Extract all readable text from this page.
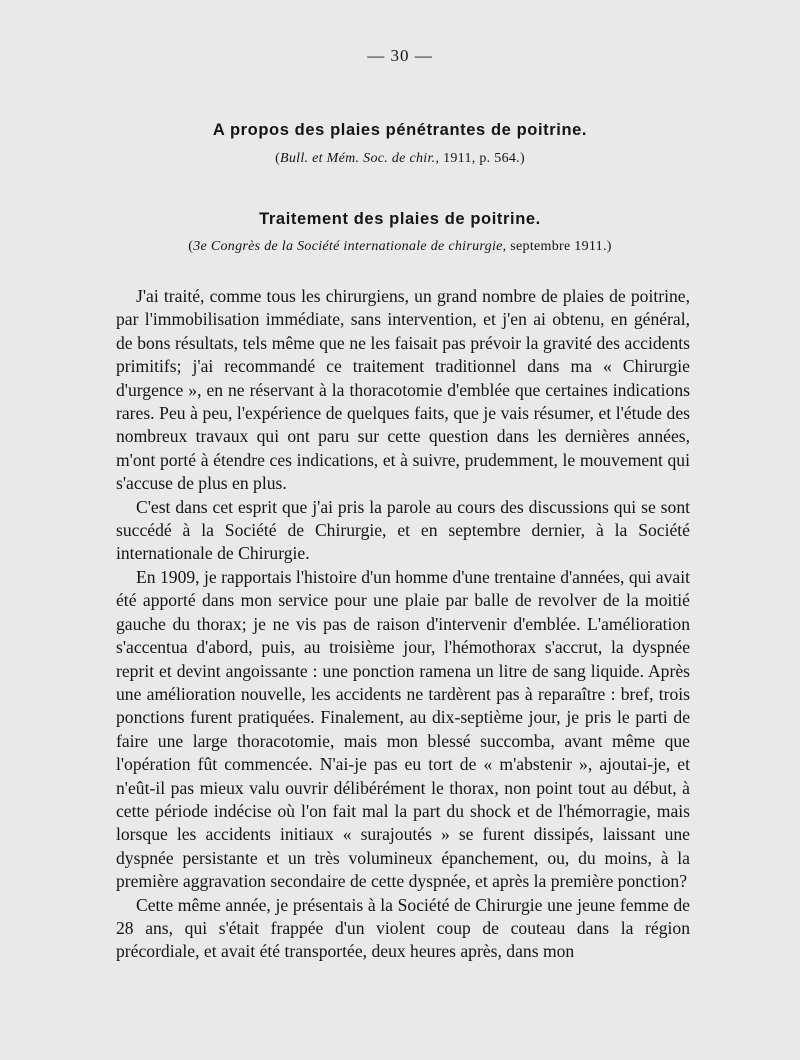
— 30 —
A propos des plaies pénétrantes de poitrine.
(Bull. et Mém. Soc. de chir., 1911, p. 564.)
Traitement des plaies de poitrine.
(3e Congrès de la Société internationale de chirurgie, septembre 1911.)

J'ai traité, comme tous les chirurgiens, un grand nombre de plaies de poitrine, par l'immobilisation immédiate, sans intervention, et j'en ai obtenu, en général, de bons résultats, tels même que ne les faisait pas prévoir la gravité des accidents primitifs; j'ai recommandé ce traitement traditionnel dans ma « Chirurgie d'urgence », en ne réservant à la thoracotomie d'emblée que certaines indications rares. Peu à peu, l'expérience de quelques faits, que je vais résumer, et l'étude des nombreux travaux qui ont paru sur cette question dans les dernières années, m'ont porté à étendre ces indications, et à suivre, prudemment, le mouvement qui s'accuse de plus en plus.

C'est dans cet esprit que j'ai pris la parole au cours des discussions qui se sont succédé à la Société de Chirurgie, et en septembre dernier, à la Société internationale de Chirurgie.

En 1909, je rapportais l'histoire d'un homme d'une trentaine d'années, qui avait été apporté dans mon service pour une plaie par balle de revolver de la moitié gauche du thorax; je ne vis pas de raison d'intervenir d'emblée. L'amélioration s'accentua d'abord, puis, au troisième jour, l'hémothorax s'accrut, la dyspnée reprit et devint angoissante : une ponction ramena un litre de sang liquide. Après une amélioration nouvelle, les accidents ne tardèrent pas à reparaître : bref, trois ponctions furent pratiquées. Finalement, au dix-septième jour, je pris le parti de faire une large thoracotomie, mais mon blessé succomba, avant même que l'opération fût commencée. N'ai-je pas eu tort de « m'abstenir », ajoutai-je, et n'eût-il pas mieux valu ouvrir délibérément le thorax, non point tout au début, à cette période indécise où l'on fait mal la part du shock et de l'hémorragie, mais lorsque les accidents initiaux « surajoutés » se furent dissipés, laissant une dyspnée persistante et un très volumineux épanchement, ou, du moins, à la première aggravation secondaire de cette dyspnée, et après la première ponction?

Cette même année, je présentais à la Société de Chirurgie une jeune femme de 28 ans, qui s'était frappée d'un violent coup de couteau dans la région précordiale, et avait été transportée, deux heures après, dans mon
